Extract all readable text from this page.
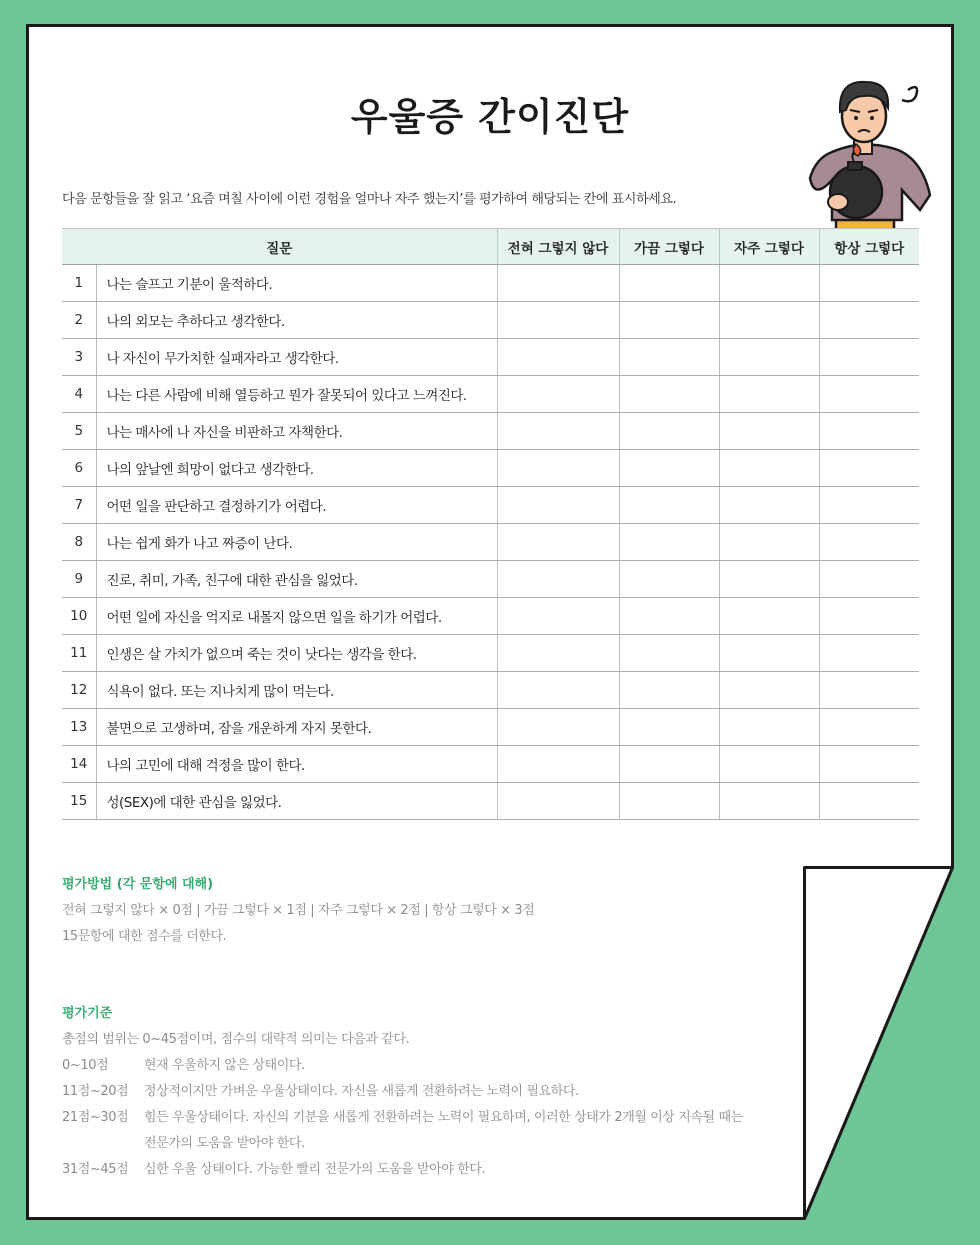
우울증 간이진단
다음 문항들을 잘 읽고 ‘요즘 며칠 사이에 이런 경험을 얼마나 자주 했는지’를 평가하여 해당되는 칸에 표시하세요.
질문		전혀 그렇지 않다	가끔 그렇다	자주 그렇다	항상 그렇다
1	나는 슬프고 기분이 울적하다.				
2	나의 외모는 추하다고 생각한다.				
3	나 자신이 무가치한 실패자라고 생각한다.				
4	나는 다른 사람에 비해 열등하고 뭔가 잘못되어 있다고 느껴진다.				
5	나는 매사에 나 자신을 비판하고 자책한다.				
6	나의 앞날엔 희망이 없다고 생각한다.				
7	어떤 일을 판단하고 결정하기가 어렵다.				
8	나는 쉽게 화가 나고 짜증이 난다.				
9	진로, 취미, 가족, 친구에 대한 관심을 잃었다.				
10	어떤 일에 자신을 억지로 내몰지 않으면 일을 하기가 어렵다.				
11	인생은 살 가치가 없으며 죽는 것이 낫다는 생각을 한다.				
12	식욕이 없다. 또는 지나치게 많이 먹는다.				
13	불면으로 고생하며, 잠을 개운하게 자지 못한다.				
14	나의 고민에 대해 걱정을 많이 한다.				
15	성(SEX)에 대한 관심을 잃었다.				
평가방법 (각 문항에 대해)
전혀 그렇지 않다 × 0점 | 가끔 그렇다 × 1점 | 자주 그렇다 × 2점 | 항상 그렇다 × 3점
15문항에 대한 점수를 더한다.
평가기준
총점의 범위는 0~45점이며, 점수의 대략적 의미는 다음과 같다.
0~10점	현재 우울하지 않은 상태이다.
11점~20점 정상적이지만 가벼운 우울상태이다. 자신을 새롭게 전환하려는 노력이 필요하다.
21점~30점 힘든 우울상태이다. 자신의 기분을 새롭게 전환하려는 노력이 필요하며, 이러한 상태가 2개월 이상 지속될 때는
전문가의 도움을 받아야 한다.
31점~45점 심한 우울 상태이다. 가능한 빨리 전문가의 도움을 받아야 한다.
